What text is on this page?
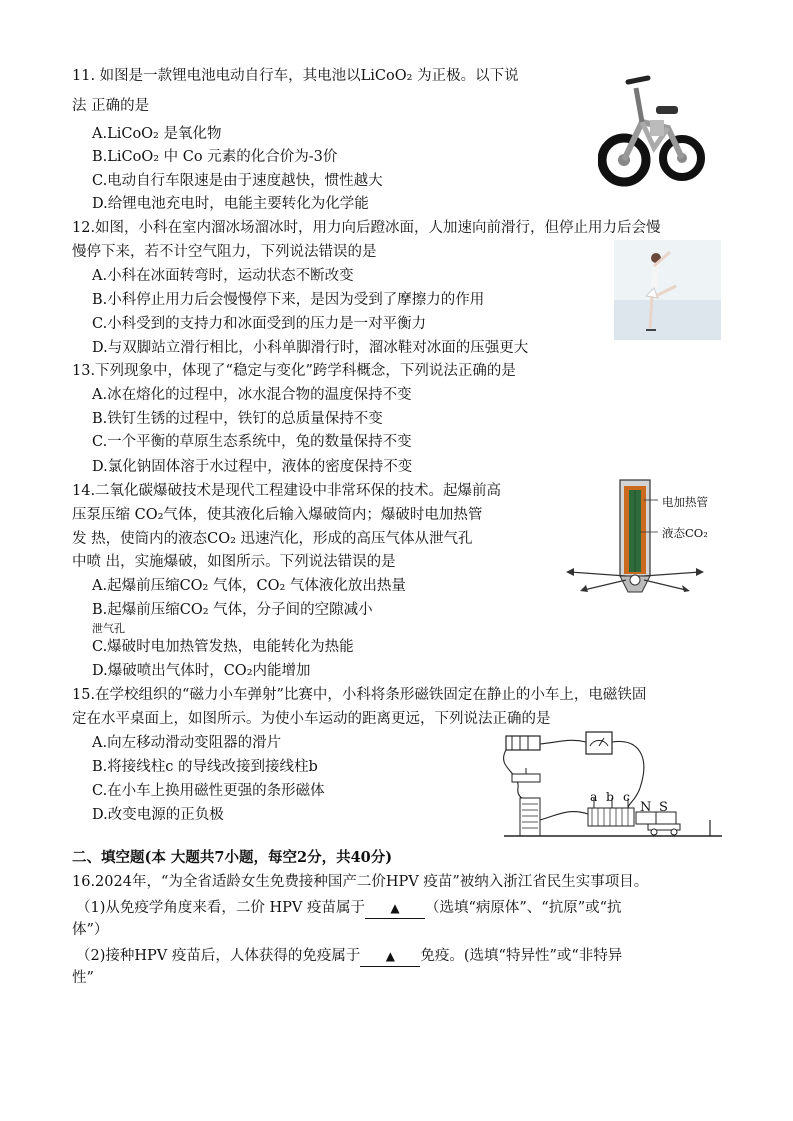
11. 如图是一款锂电池电动自行车，其电池以LiCoO₂ 为正极。以下说
法 正确的是
A.LiCoO₂ 是氧化物
B.LiCoO₂ 中 Co 元素的化合价为-3价
C.电动自行车限速是由于速度越快，惯性越大
D.给锂电池充电时，电能主要转化为化学能
12.如图，小科在室内溜冰场溜冰时，用力向后蹬冰面，人加速向前滑行，但停止用力后会慢
慢停下来，若不计空气阻力，下列说法错误的是
A.小科在冰面转弯时，运动状态不断改变
B.小科停止用力后会慢慢停下来，是因为受到了摩擦力的作用
C.小科受到的支持力和冰面受到的压力是一对平衡力
D.与双脚站立滑行相比，小科单脚滑行时，溜冰鞋对冰面的压强更大
13.下列现象中，体现了“稳定与变化”跨学科概念，下列说法正确的是
A.冰在熔化的过程中，冰水混合物的温度保持不变
B.铁钉生锈的过程中，铁钉的总质量保持不变
C.一个平衡的草原生态系统中，兔的数量保持不变
D.氯化钠固体溶于水过程中，液体的密度保持不变
14.二氧化碳爆破技术是现代工程建设中非常环保的技术。起爆前高
压泵压缩 CO₂气体，使其液化后输入爆破筒内；爆破时电加热管
发 热，使筒内的液态CO₂ 迅速汽化，形成的高压气体从泄气孔
中喷 出，实施爆破，如图所示。下列说法错误的是
A.起爆前压缩CO₂ 气体，CO₂ 气体液化放出热量
B.起爆前压缩CO₂ 气体，分子间的空隙减小
泄气孔
C.爆破时电加热管发热，电能转化为热能
D.爆破喷出气体时，CO₂内能增加
电加热管
液态CO₂
15.在学校组织的“磁力小车弹射”比赛中，小科将条形磁铁固定在静止的小车上，电磁铁固
定在水平桌面上，如图所示。为使小车运动的距离更远，下列说法正确的是
A.向左移动滑动变阻器的滑片
B.将接线柱c 的导线改接到接线柱b
C.在小车上换用磁性更强的条形磁体
D.改变电源的正负极
a b c
N S
二、填空题(本 大题共7小题，每空2分，共40分)
16.2024年，“为全省适龄女生免费接种国产二价HPV 疫苗”被纳入浙江省民生实事项目。
（1)从免疫学角度来看，二价 HPV 疫苗属于 ▲ （选填“病原体”、“抗原”或“抗
体”）
（2)接种HPV 疫苗后，人体获得的免疫属于 ▲ 免疫。(选填“特异性”或“非特异
性”
